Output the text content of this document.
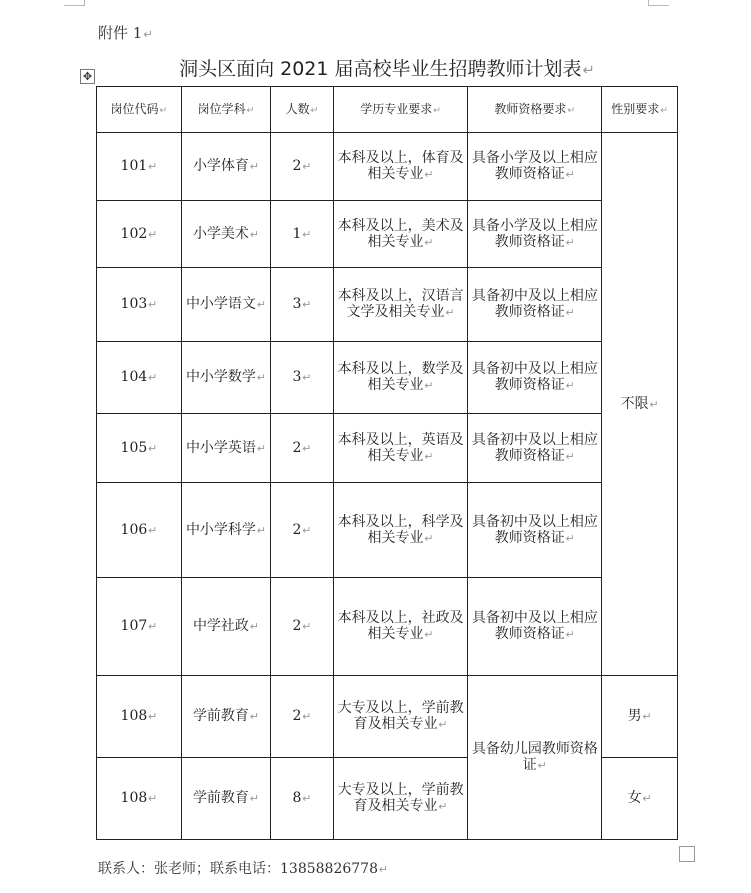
附件 1↵
✥	洞头区面向 2021 届高校毕业生招聘教师计划表↵
岗位代码↵	岗位学科↵	人数↵	学历专业要求↵	教师资格要求↵	性别要求↵
101↵	小学体育↵	2↵	本科及以上，体育及相关专业↵	具备小学及以上相应教师资格证↵	不限↵
102↵	小学美术↵	1↵	本科及以上，美术及相关专业↵	具备小学及以上相应教师资格证↵	
103↵	中小学语文↵	3↵	本科及以上，汉语言文学及相关专业↵	具备初中及以上相应教师资格证↵	
104↵	中小学数学↵	3↵	本科及以上，数学及相关专业↵	具备初中及以上相应教师资格证↵	
105↵	中小学英语↵	2↵	本科及以上，英语及相关专业↵	具备初中及以上相应教师资格证↵	
106↵	中小学科学↵	2↵	本科及以上，科学及相关专业↵	具备初中及以上相应教师资格证↵	
107↵	中学社政↵	2↵	本科及以上，社政及相关专业↵	具备初中及以上相应教师资格证↵	
108↵	学前教育↵	2↵	大专及以上，学前教育及相关专业↵	具备幼儿园教师资格证↵	男↵
108↵	学前教育↵	8↵	大专及以上，学前教育及相关专业↵		女↵
联系人：张老师；联系电话：13858826778↵
